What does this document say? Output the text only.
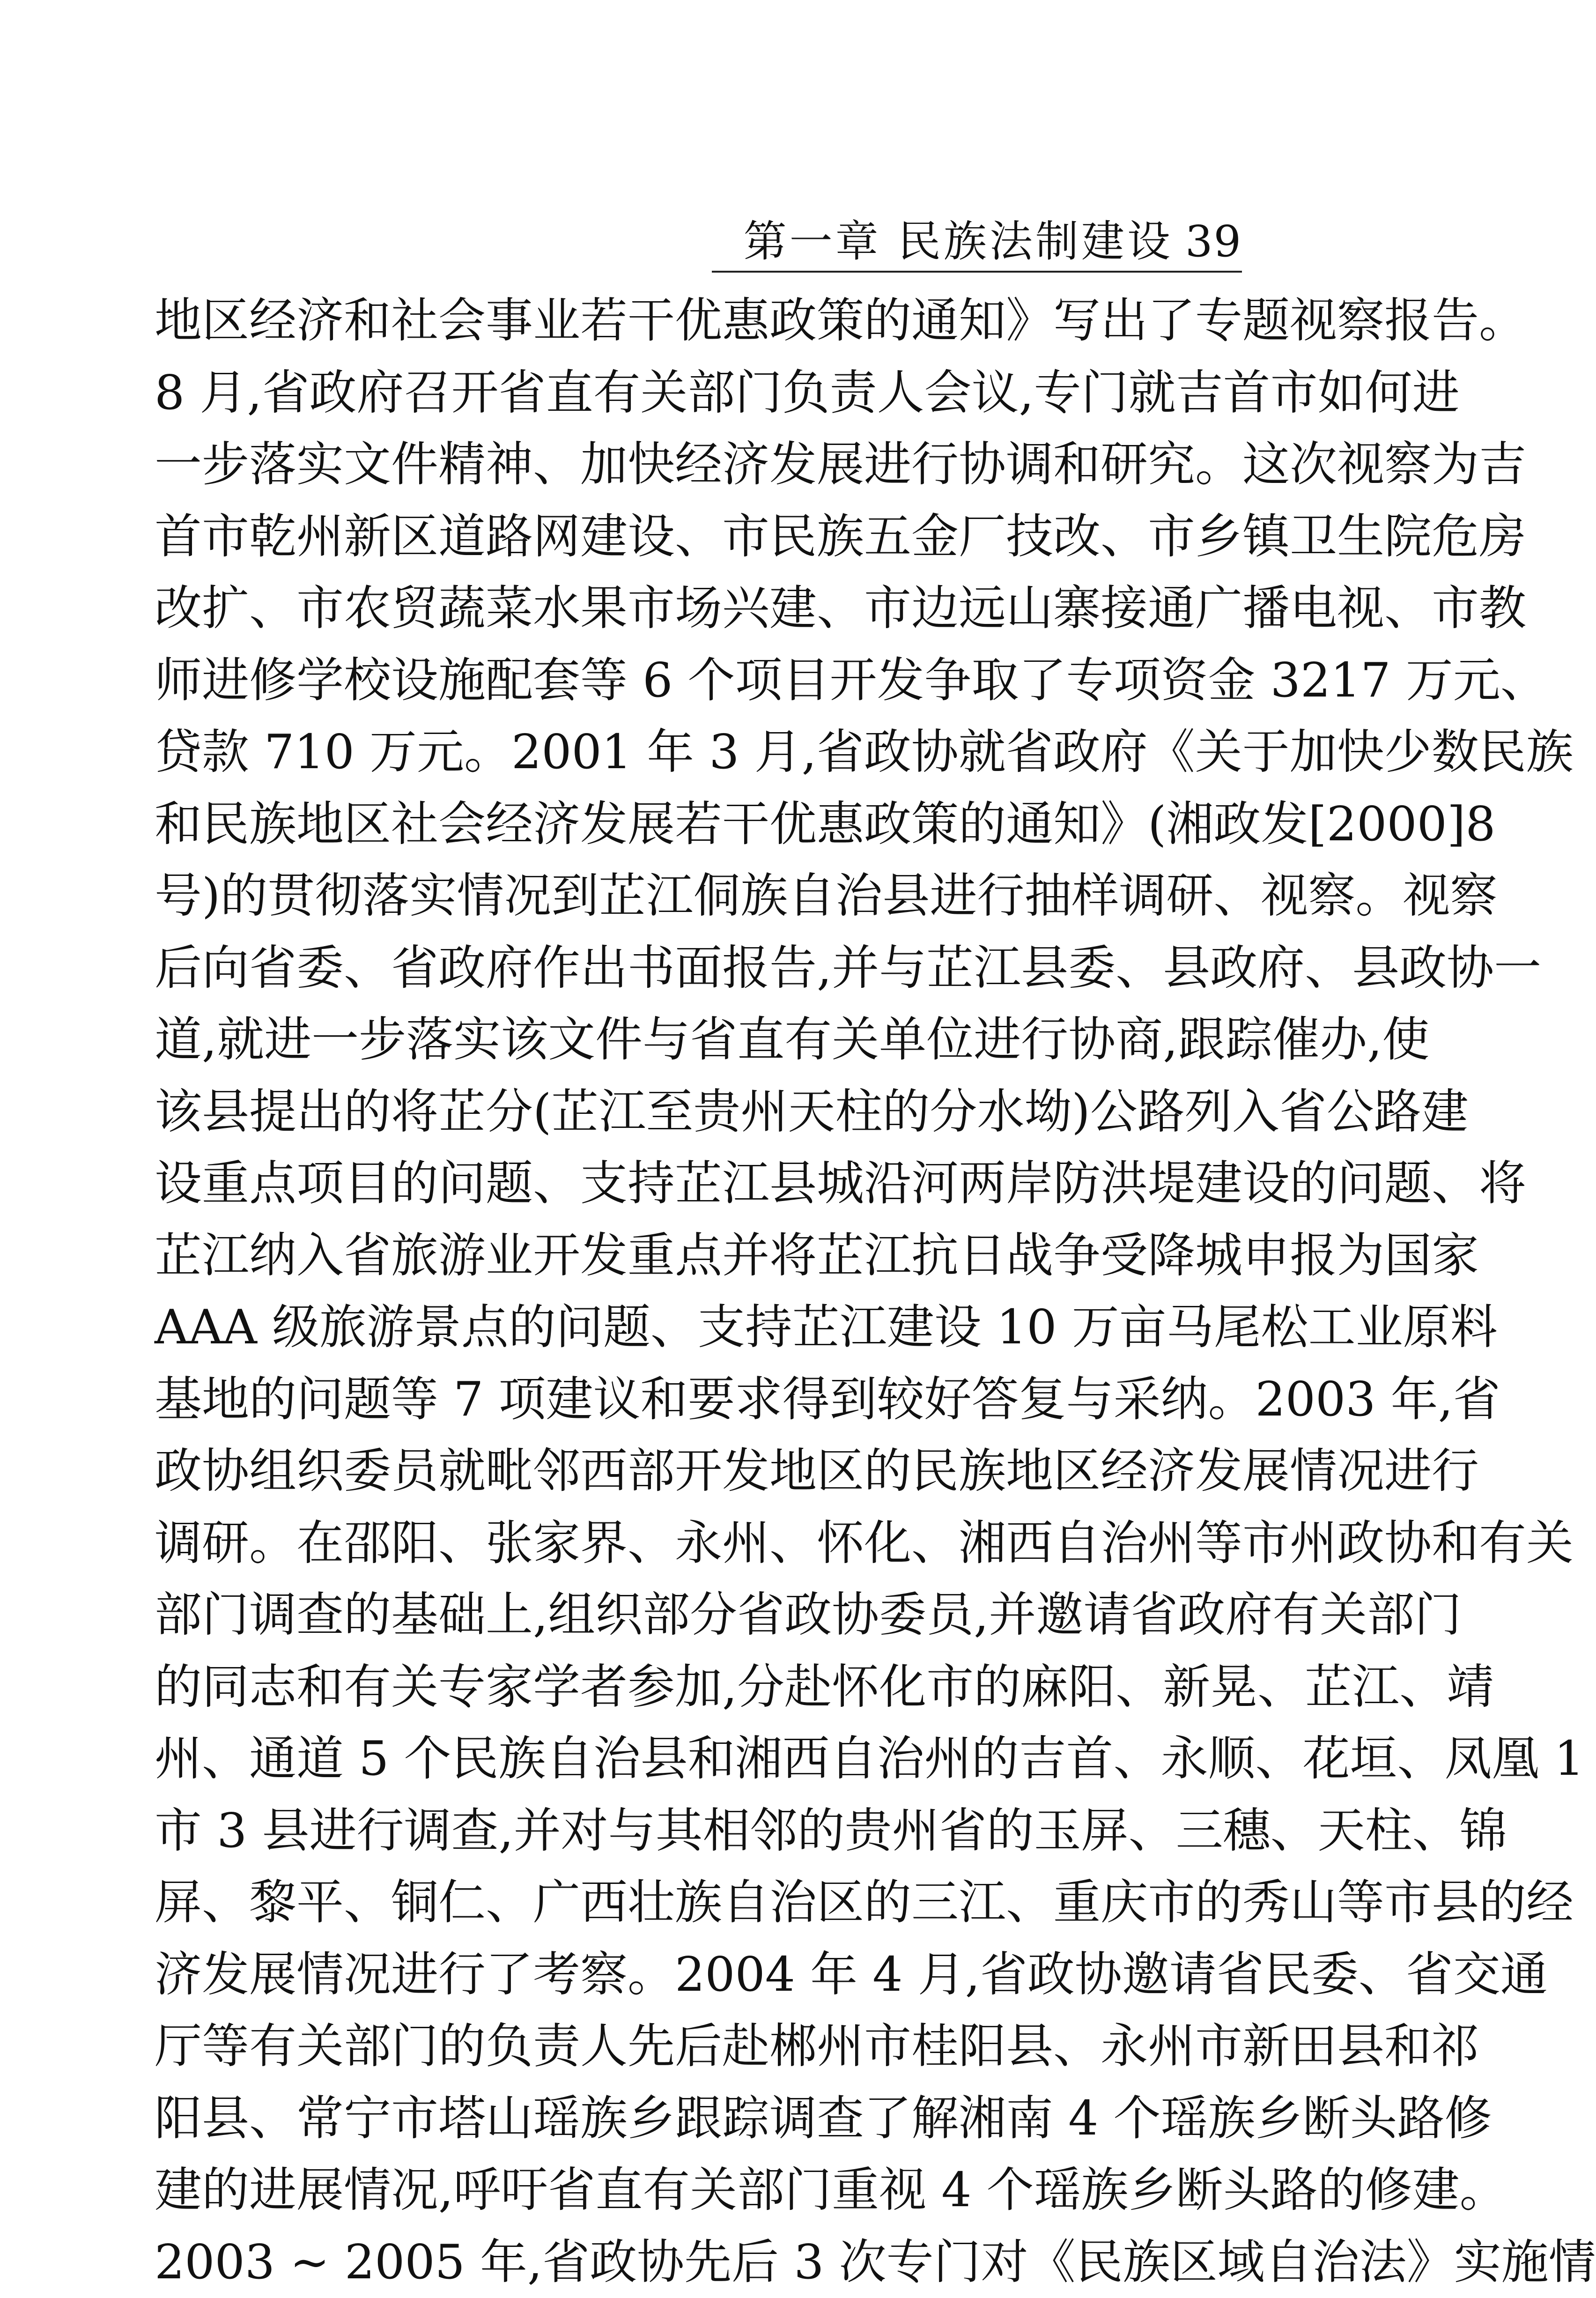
第一章 民族法制建设 39
地区经济和社会事业若干优惠政策的通知》写出了专题视察报告。
8 月,省政府召开省直有关部门负责人会议,专门就吉首市如何进
一步落实文件精神、加快经济发展进行协调和研究。这次视察为吉
首市乾州新区道路网建设、市民族五金厂技改、市乡镇卫生院危房
改扩、市农贸蔬菜水果市场兴建、市边远山寨接通广播电视、市教
师进修学校设施配套等 6 个项目开发争取了专项资金 3217 万元、
贷款 710 万元。2001 年 3 月,省政协就省政府《关于加快少数民族
和民族地区社会经济发展若干优惠政策的通知》(湘政发[2000]8
号)的贯彻落实情况到芷江侗族自治县进行抽样调研、视察。视察
后向省委、省政府作出书面报告,并与芷江县委、县政府、县政协一
道,就进一步落实该文件与省直有关单位进行协商,跟踪催办,使
该县提出的将芷分(芷江至贵州天柱的分水坳)公路列入省公路建
设重点项目的问题、支持芷江县城沿河两岸防洪堤建设的问题、将
芷江纳入省旅游业开发重点并将芷江抗日战争受降城申报为国家
AAA 级旅游景点的问题、支持芷江建设 10 万亩马尾松工业原料
基地的问题等 7 项建议和要求得到较好答复与采纳。2003 年,省
政协组织委员就毗邻西部开发地区的民族地区经济发展情况进行
调研。在邵阳、张家界、永州、怀化、湘西自治州等市州政协和有关
部门调查的基础上,组织部分省政协委员,并邀请省政府有关部门
的同志和有关专家学者参加,分赴怀化市的麻阳、新晃、芷江、靖
州、通道 5 个民族自治县和湘西自治州的吉首、永顺、花垣、凤凰 1
市 3 县进行调查,并对与其相邻的贵州省的玉屏、三穗、天柱、锦
屏、黎平、铜仁、广西壮族自治区的三江、重庆市的秀山等市县的经
济发展情况进行了考察。2004 年 4 月,省政协邀请省民委、省交通
厅等有关部门的负责人先后赴郴州市桂阳县、永州市新田县和祁
阳县、常宁市塔山瑶族乡跟踪调查了解湘南 4 个瑶族乡断头路修
建的进展情况,呼吁省直有关部门重视 4 个瑶族乡断头路的修建。
2003 ~ 2005 年,省政协先后 3 次专门对《民族区域自治法》实施情
